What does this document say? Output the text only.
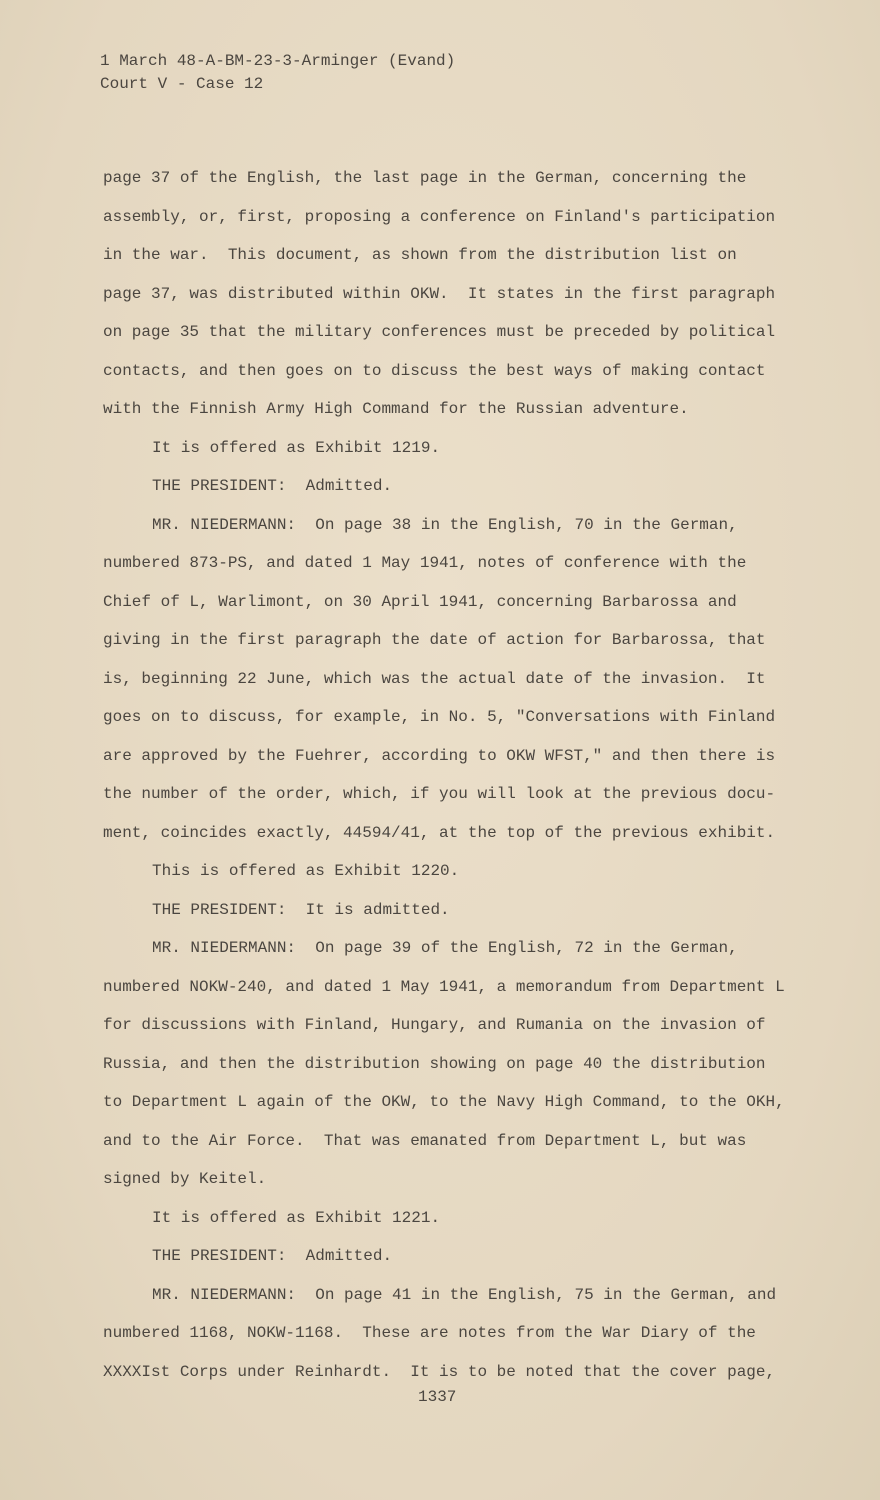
1 March 48-A-BM-23-3-Arminger (Evand)
Court V - Case 12
page 37 of the English, the last page in the German, concerning the
assembly, or, first, proposing a conference on Finland's participation
in the war.  This document, as shown from the distribution list on
page 37, was distributed within OKW.  It states in the first paragraph
on page 35 that the military conferences must be preceded by political
contacts, and then goes on to discuss the best ways of making contact
with the Finnish Army High Command for the Russian adventure.
It is offered as Exhibit 1219.
THE PRESIDENT:  Admitted.
MR. NIEDERMANN:  On page 38 in the English, 70 in the German,
numbered 873-PS, and dated 1 May 1941, notes of conference with the
Chief of L, Warlimont, on 30 April 1941, concerning Barbarossa and
giving in the first paragraph the date of action for Barbarossa, that
is, beginning 22 June, which was the actual date of the invasion.  It
goes on to discuss, for example, in No. 5, "Conversations with Finland
are approved by the Fuehrer, according to OKW WFST," and then there is
the number of the order, which, if you will look at the previous docu-
ment, coincides exactly, 44594/41, at the top of the previous exhibit.
This is offered as Exhibit 1220.
THE PRESIDENT:  It is admitted.
MR. NIEDERMANN:  On page 39 of the English, 72 in the German,
numbered NOKW-240, and dated 1 May 1941, a memorandum from Department L
for discussions with Finland, Hungary, and Rumania on the invasion of
Russia, and then the distribution showing on page 40 the distribution
to Department L again of the OKW, to the Navy High Command, to the OKH,
and to the Air Force.  That was emanated from Department L, but was
signed by Keitel.
It is offered as Exhibit 1221.
THE PRESIDENT:  Admitted.
MR. NIEDERMANN:  On page 41 in the English, 75 in the German, and
numbered 1168, NOKW-1168.  These are notes from the War Diary of the
XXXXIst Corps under Reinhardt.  It is to be noted that the cover page,
1337
